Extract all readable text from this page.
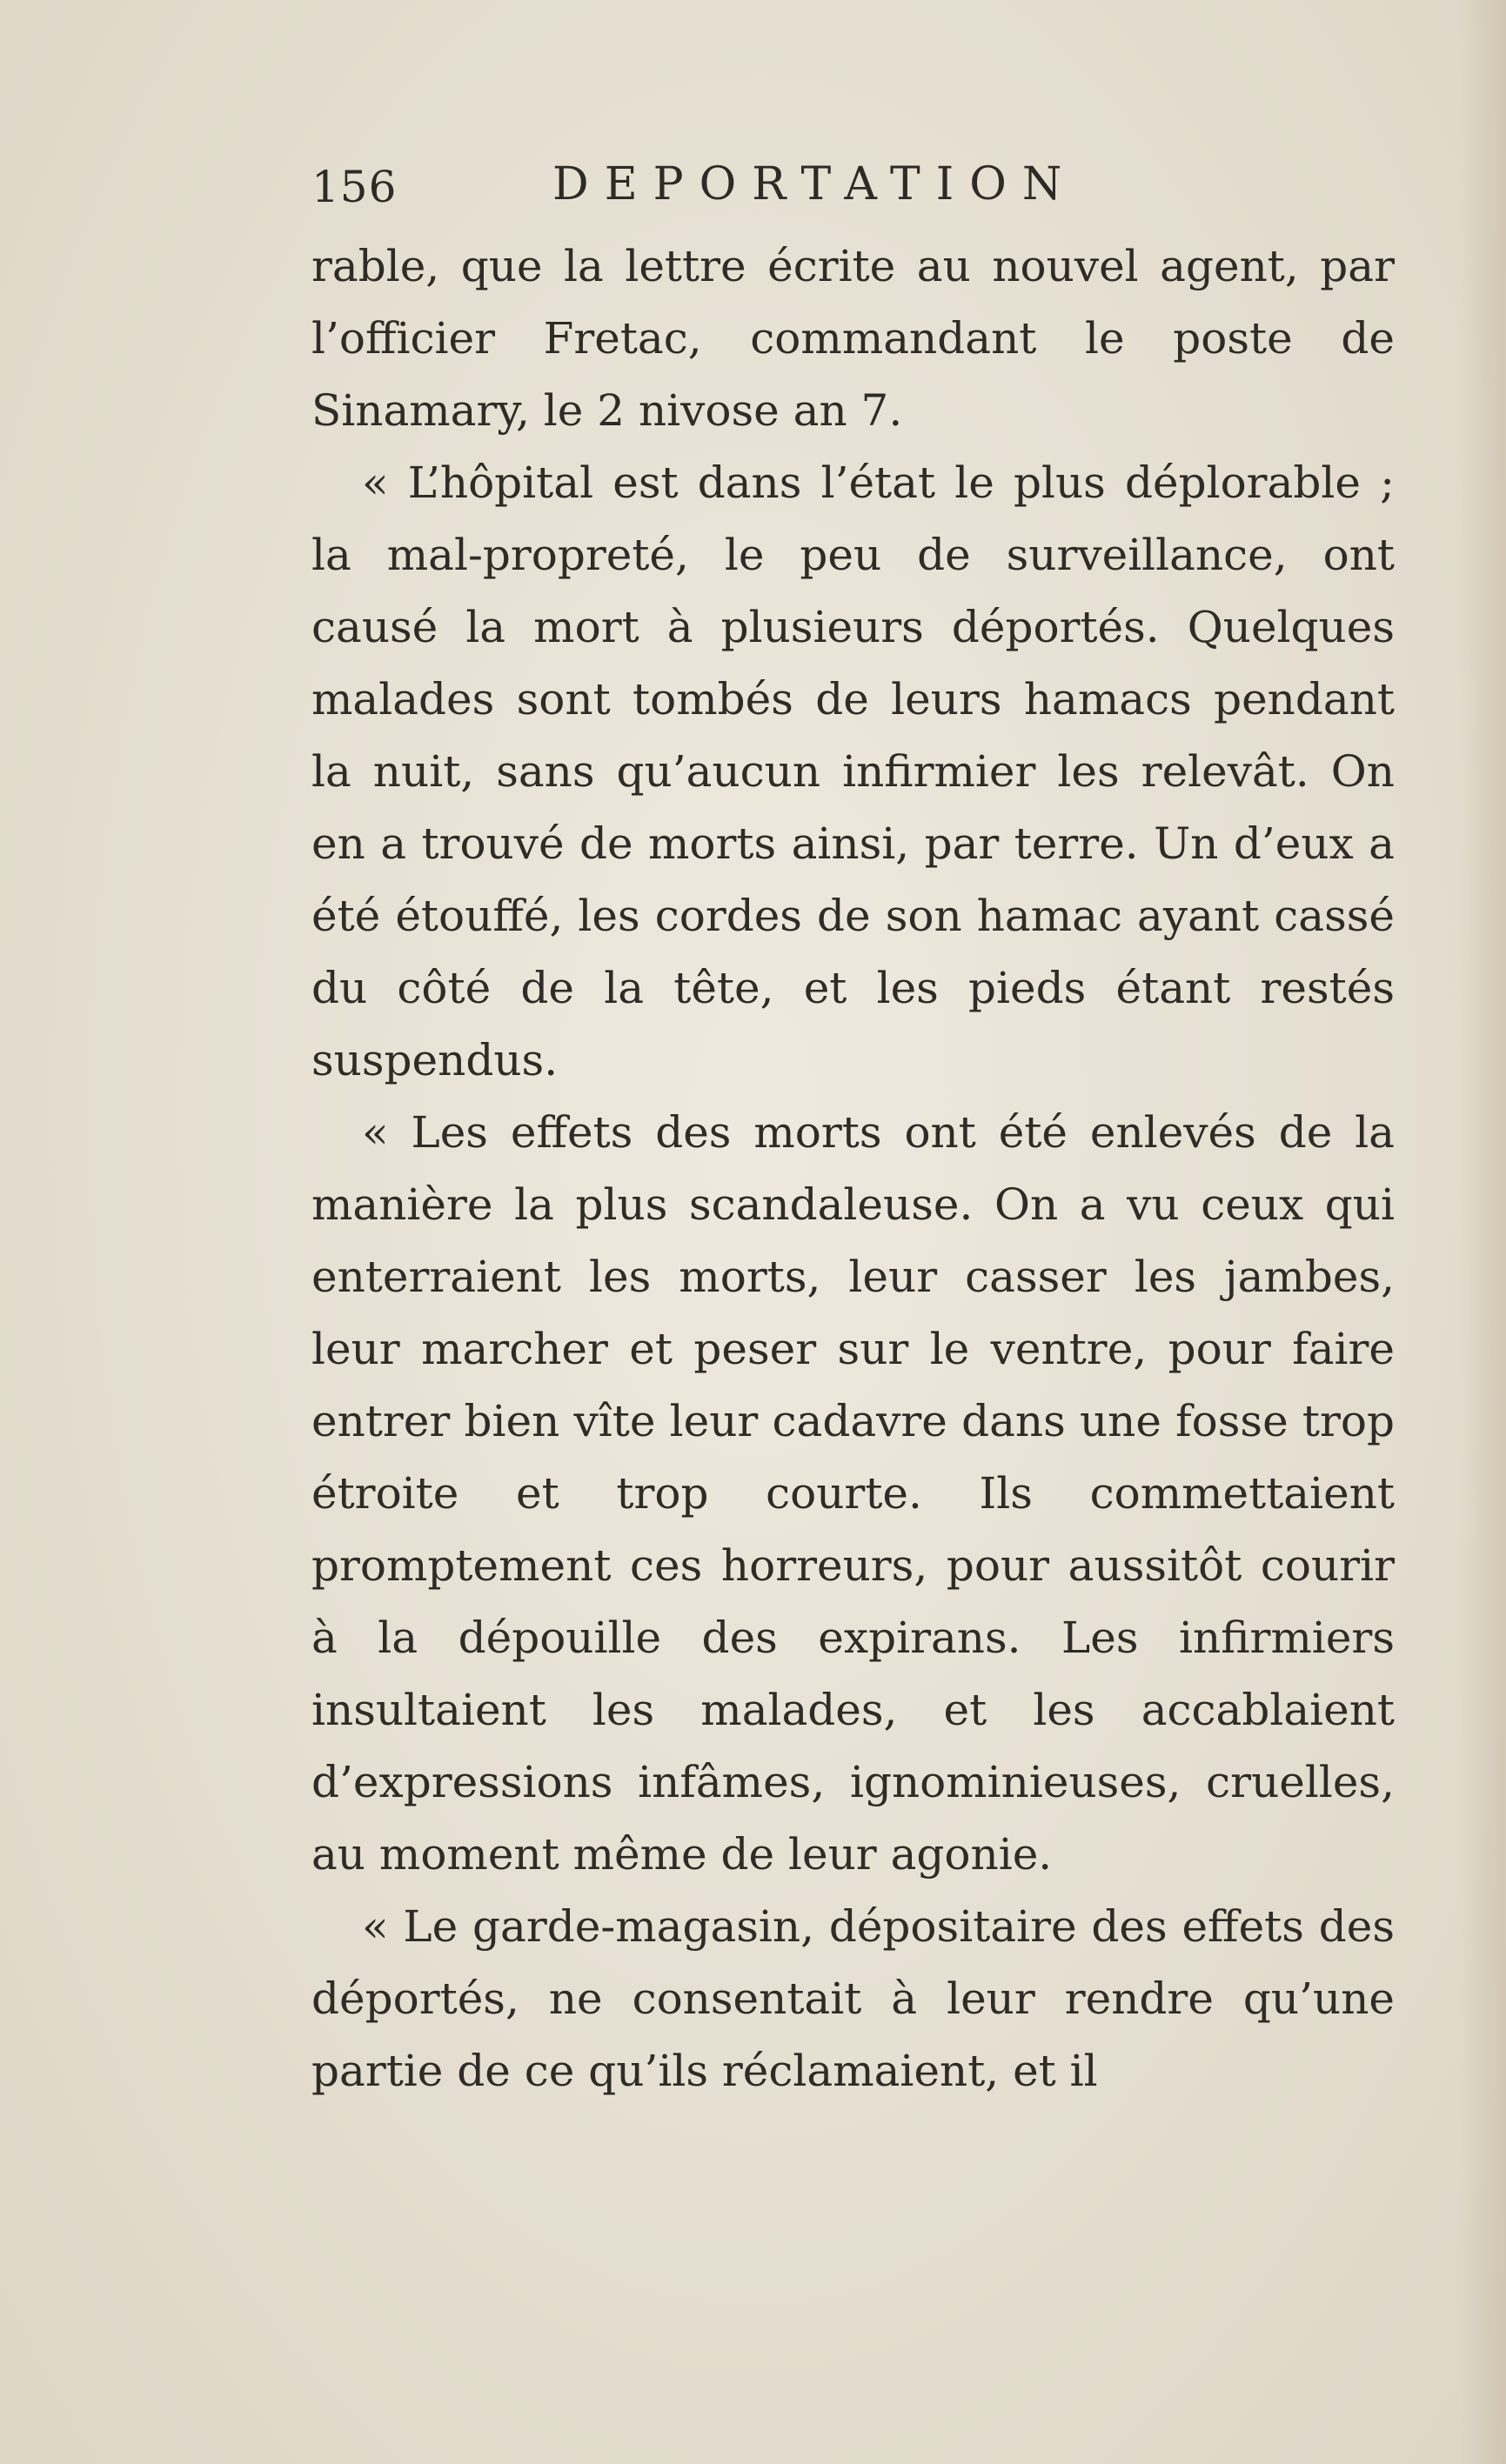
156	DEPORTATION

rable, que la lettre écrite au nouvel agent, par l’officier Fretac, commandant le poste de Sinamary, le 2 nivose an 7.

« L’hôpital est dans l’état le plus déplorable ; la mal-propreté, le peu de surveillance, ont causé la mort à plusieurs déportés. Quelques malades sont tombés de leurs hamacs pendant la nuit, sans qu’aucun infirmier les relevât. On en a trouvé de morts ainsi, par terre. Un d’eux a été étouffé, les cordes de son hamac ayant cassé du côté de la tête, et les pieds étant restés suspendus.

« Les effets des morts ont été enlevés de la manière la plus scandaleuse. On a vu ceux qui enterraient les morts, leur casser les jambes, leur marcher et peser sur le ventre, pour faire entrer bien vîte leur cadavre dans une fosse trop étroite et trop courte. Ils commettaient promptement ces horreurs, pour aussitôt courir à la dépouille des expirans. Les infirmiers insultaient les malades, et les accablaient d’expressions infâmes, ignominieuses, cruelles, au moment même de leur agonie.

« Le garde-magasin, dépositaire des effets des déportés, ne consentait à leur rendre qu’une partie de ce qu’ils réclamaient, et il
